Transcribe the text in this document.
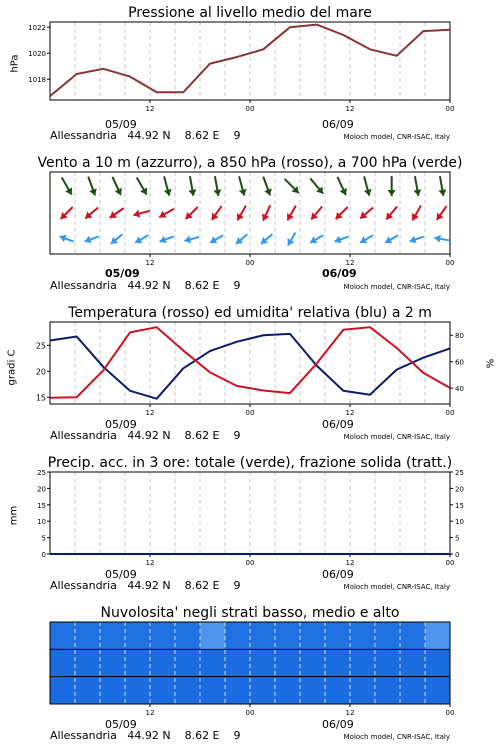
Pressione al livello medio del mare
12	00	12	00
1018
1020
1022
hPa
05/09	06/09
Allessandria   44.92 N    8.62 E    9	Moloch model, CNR-ISAC, Italy
Vento a 10 m (azzurro), a 850 hPa (rosso), a 700 hPa (verde)
12	00	12	00
05/09	06/09
Allessandria   44.92 N    8.62 E    9	Moloch model, CNR-ISAC, Italy
Temperatura (rosso) ed umidita' relativa (blu) a 2 m
12	00	12	00
15
20
25
40
60
80
gradi C	%
05/09	06/09
Allessandria   44.92 N    8.62 E    9	Moloch model, CNR-ISAC, Italy
Precip. acc. in 3 ore: totale (verde), frazione solida (tratt.)
12	00	12	00
0	0
5	5
10	10
15	15
20	20
25	25
mm
05/09	06/09
Allessandria   44.92 N    8.62 E    9	Moloch model, CNR-ISAC, Italy
Nuvolosita' negli strati basso, medio e alto
12	00	12	00
05/09	06/09
Allessandria   44.92 N    8.62 E    9	Moloch model, CNR-ISAC, Italy
